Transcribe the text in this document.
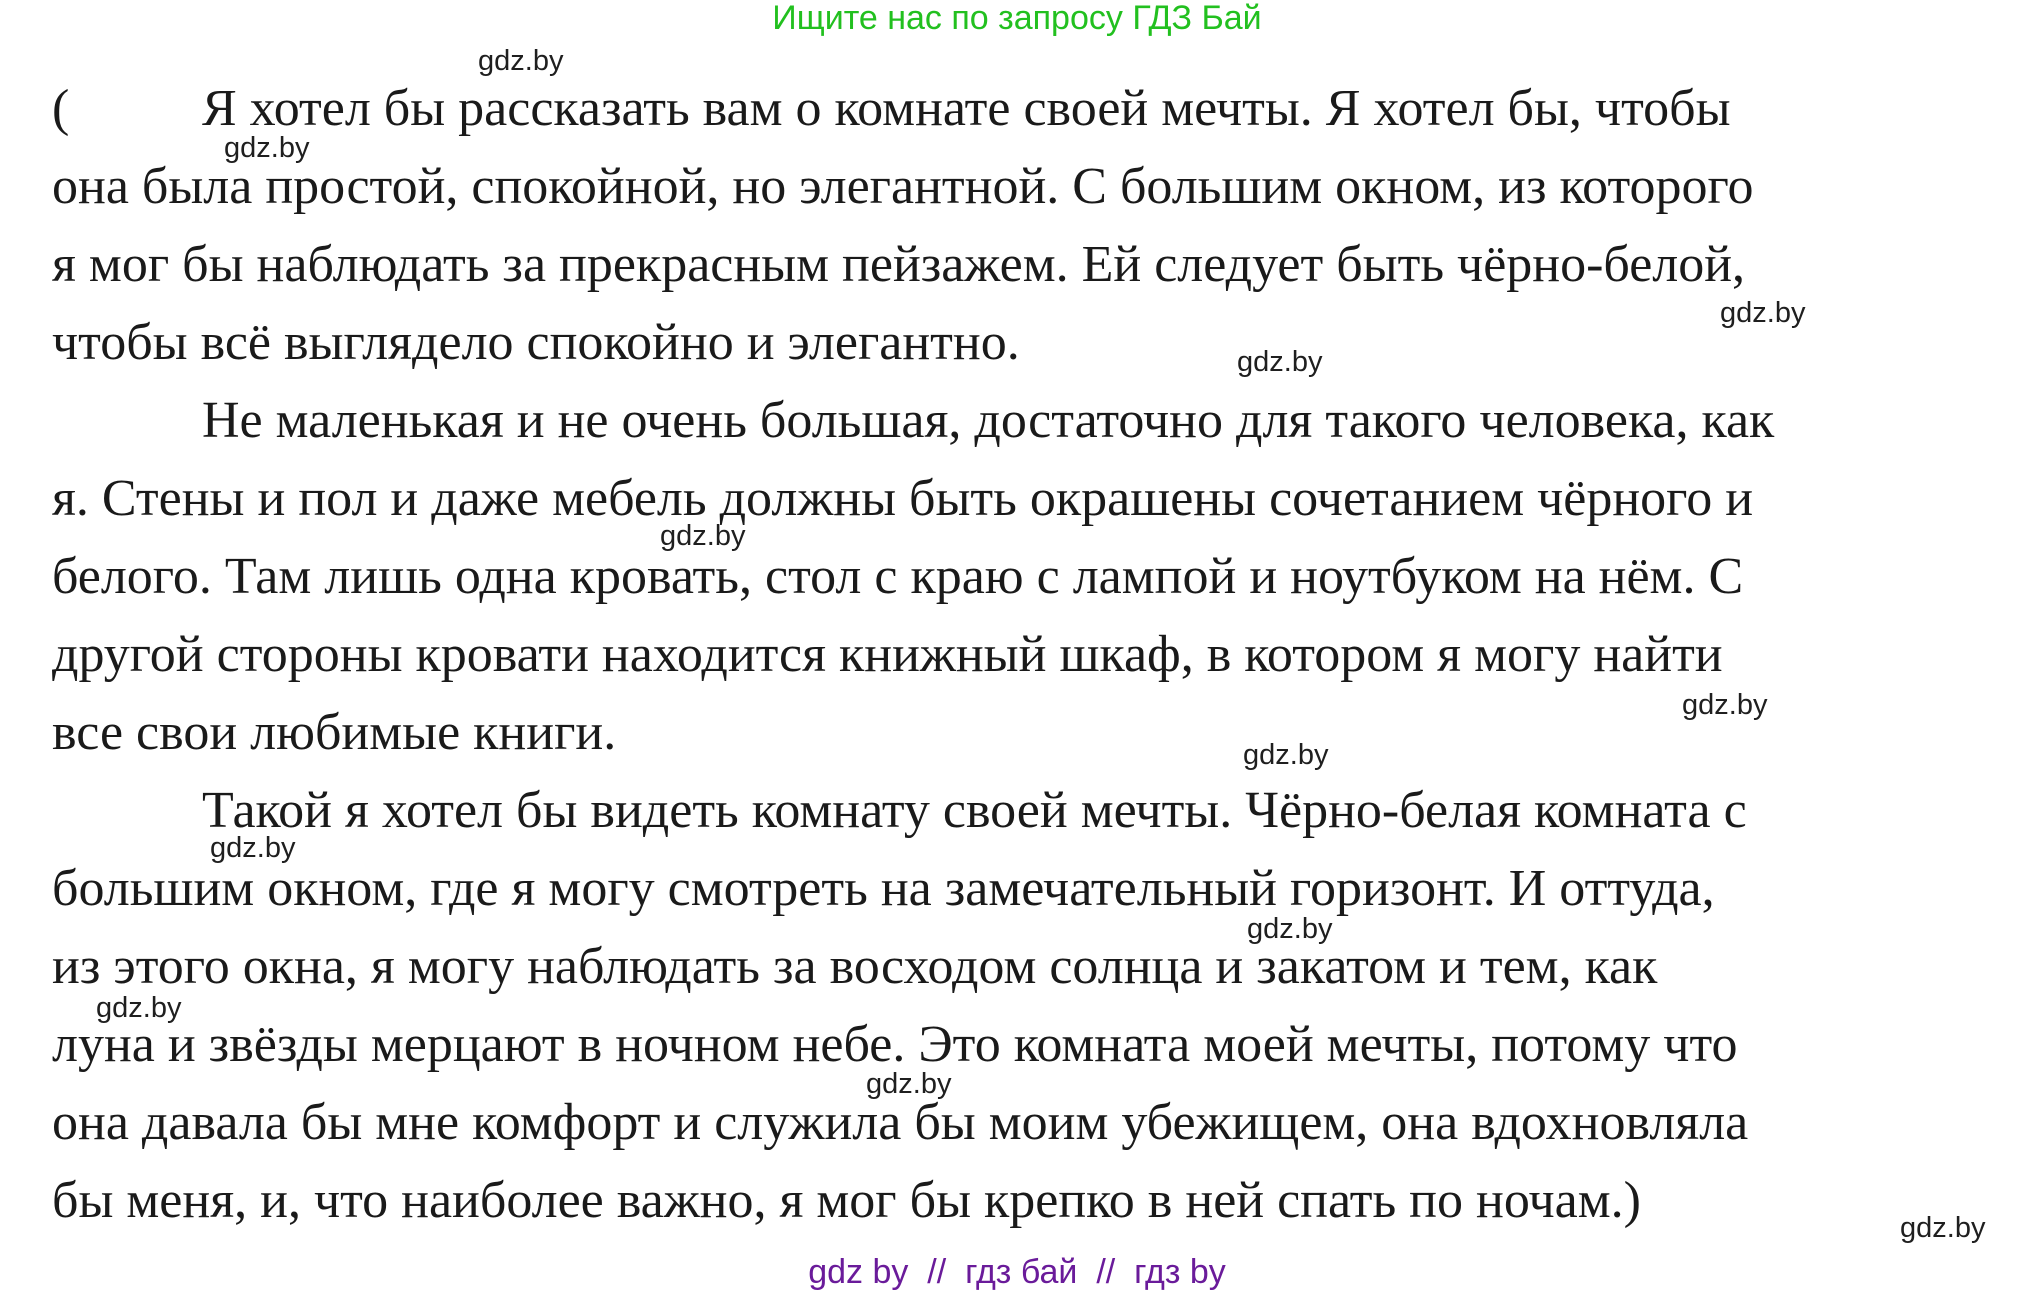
Ищите нас по запросу ГДЗ Бай
(	Я хотел бы рассказать вам о комнате своей мечты. Я хотел бы, чтобы
она была простой, спокойной, но элегантной. С большим окном, из которого
я мог бы наблюдать за прекрасным пейзажем. Ей следует быть чёрно-белой,
чтобы всё выглядело спокойно и элегантно.
Не маленькая и не очень большая, достаточно для такого человека, как
я. Стены и пол и даже мебель должны быть окрашены сочетанием чёрного и
белого. Там лишь одна кровать, стол с краю с лампой и ноутбуком на нём. С
другой стороны кровати находится книжный шкаф, в котором я могу найти
все свои любимые книги.
Такой я хотел бы видеть комнату своей мечты. Чёрно-белая комната с
большим окном, где я могу смотреть на замечательный горизонт. И оттуда,
из этого окна, я могу наблюдать за восходом солнца и закатом и тем, как
луна и звёзды мерцают в ночном небе. Это комната моей мечты, потому что
она давала бы мне комфорт и служила бы моим убежищем, она вдохновляла
бы меня, и, что наиболее важно, я мог бы крепко в ней спать по ночам.)
gdz.by
gdz.by
gdz.by
gdz.by
gdz.by
gdz.by
gdz.by
gdz.by
gdz.by
gdz.by
gdz.by
gdz.by
gdz by  //  гдз бай  //  гдз by
